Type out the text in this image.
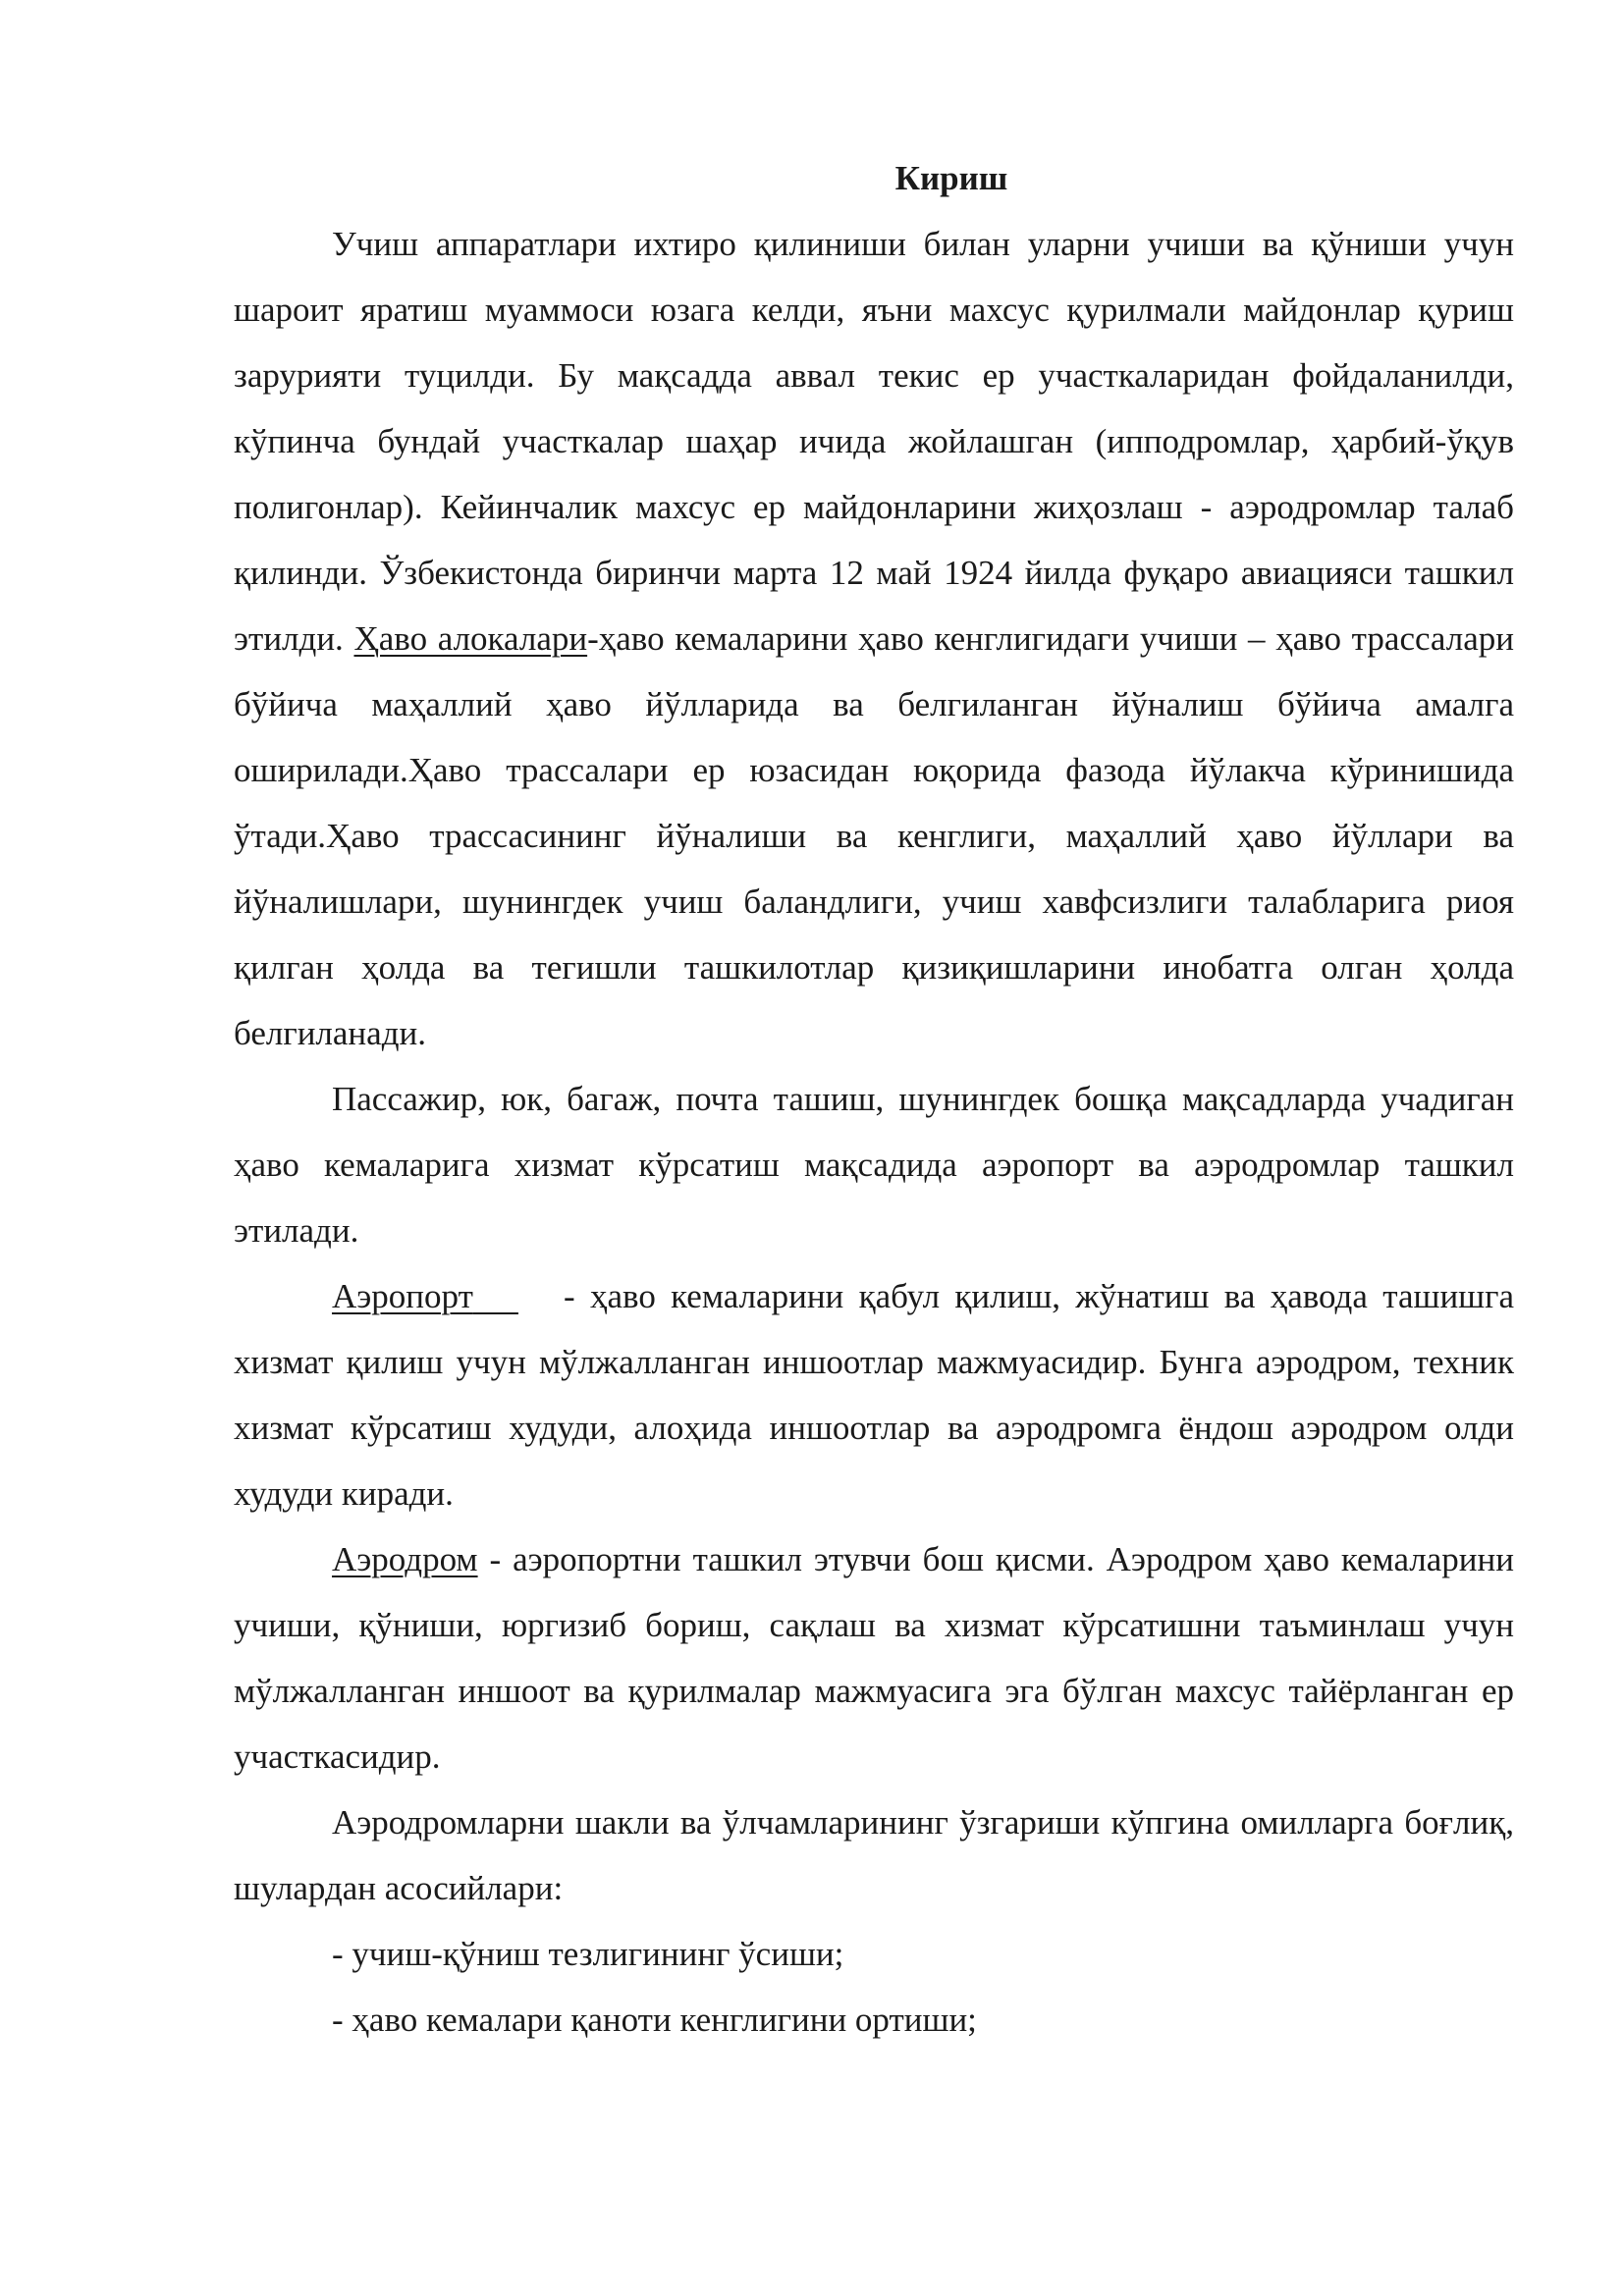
Кириш

Учиш аппаратлари ихтиро қилиниши билан уларни учиши ва қўниши учун шароит яратиш муаммоси юзага келди, яъни махсус қурилмали майдонлар қуриш зарурияти туцилди. Бу мақсадда аввал текис ер участкаларидан фойдаланилди, кўпинча бундай участкалар шаҳар ичида жойлашган (ипподромлар, ҳарбий-ўқув полигонлар). Кейинчалик махсус ер майдонларини жиҳозлаш - аэродромлар талаб қилинди. Ўзбекистонда биринчи марта 12 май 1924 йилда фуқаро авиацияси ташкил этилди. Ҳаво алокалари-ҳаво кемаларини ҳаво кенглигидаги учиши – ҳаво трассалари бўйича маҳаллий ҳаво йўлларида ва белгиланган йўналиш бўйича амалга оширилади.Ҳаво трассалари ер юзасидан юқорида фазода йўлакча кўринишида ўтади.Ҳаво трассасининг йўналиши ва кенглиги, маҳаллий ҳаво йўллари ва йўналишлари, шунингдек учиш баландлиги, учиш хавфсизлиги талабларига риоя қилган ҳолда ва тегишли ташкилотлар қизиқишларини инобатга олган ҳолда белгиланади.

Пассажир, юк, багаж, почта ташиш, шунингдек бошқа мақсадларда учадиган ҳаво кемаларига хизмат кўрсатиш мақсадида аэропорт ва аэродромлар ташкил этилади.

Аэропорт	- ҳаво кемаларини қабул қилиш, жўнатиш ва ҳаводa ташишга хизмат қилиш учун мўлжалланган иншоотлар мажмуасидир. Бунга аэродром, техник хизмат кўрсатиш худуди, алоҳида иншоотлар ва аэродромга ёндош аэродром олди худуди киради.

Аэродром - аэропортни ташкил этувчи бош қисми. Аэродром ҳаво кемаларини учиши, қўниши, юргизиб бориш, сақлаш ва хизмат кўрсатишни таъминлаш учун мўлжалланган иншоот ва қурилмалар мажмуасига эга бўлган махсус тайёрланган ер участкасидир.

Аэродромларни шакли ва ўлчамларининг ўзгариши кўпгина омилларга боғлиқ, шулардан асосийлари:

- учиш-қўниш тезлигининг ўсиши;

- ҳаво кемалари қаноти кенглигини ортиши;
